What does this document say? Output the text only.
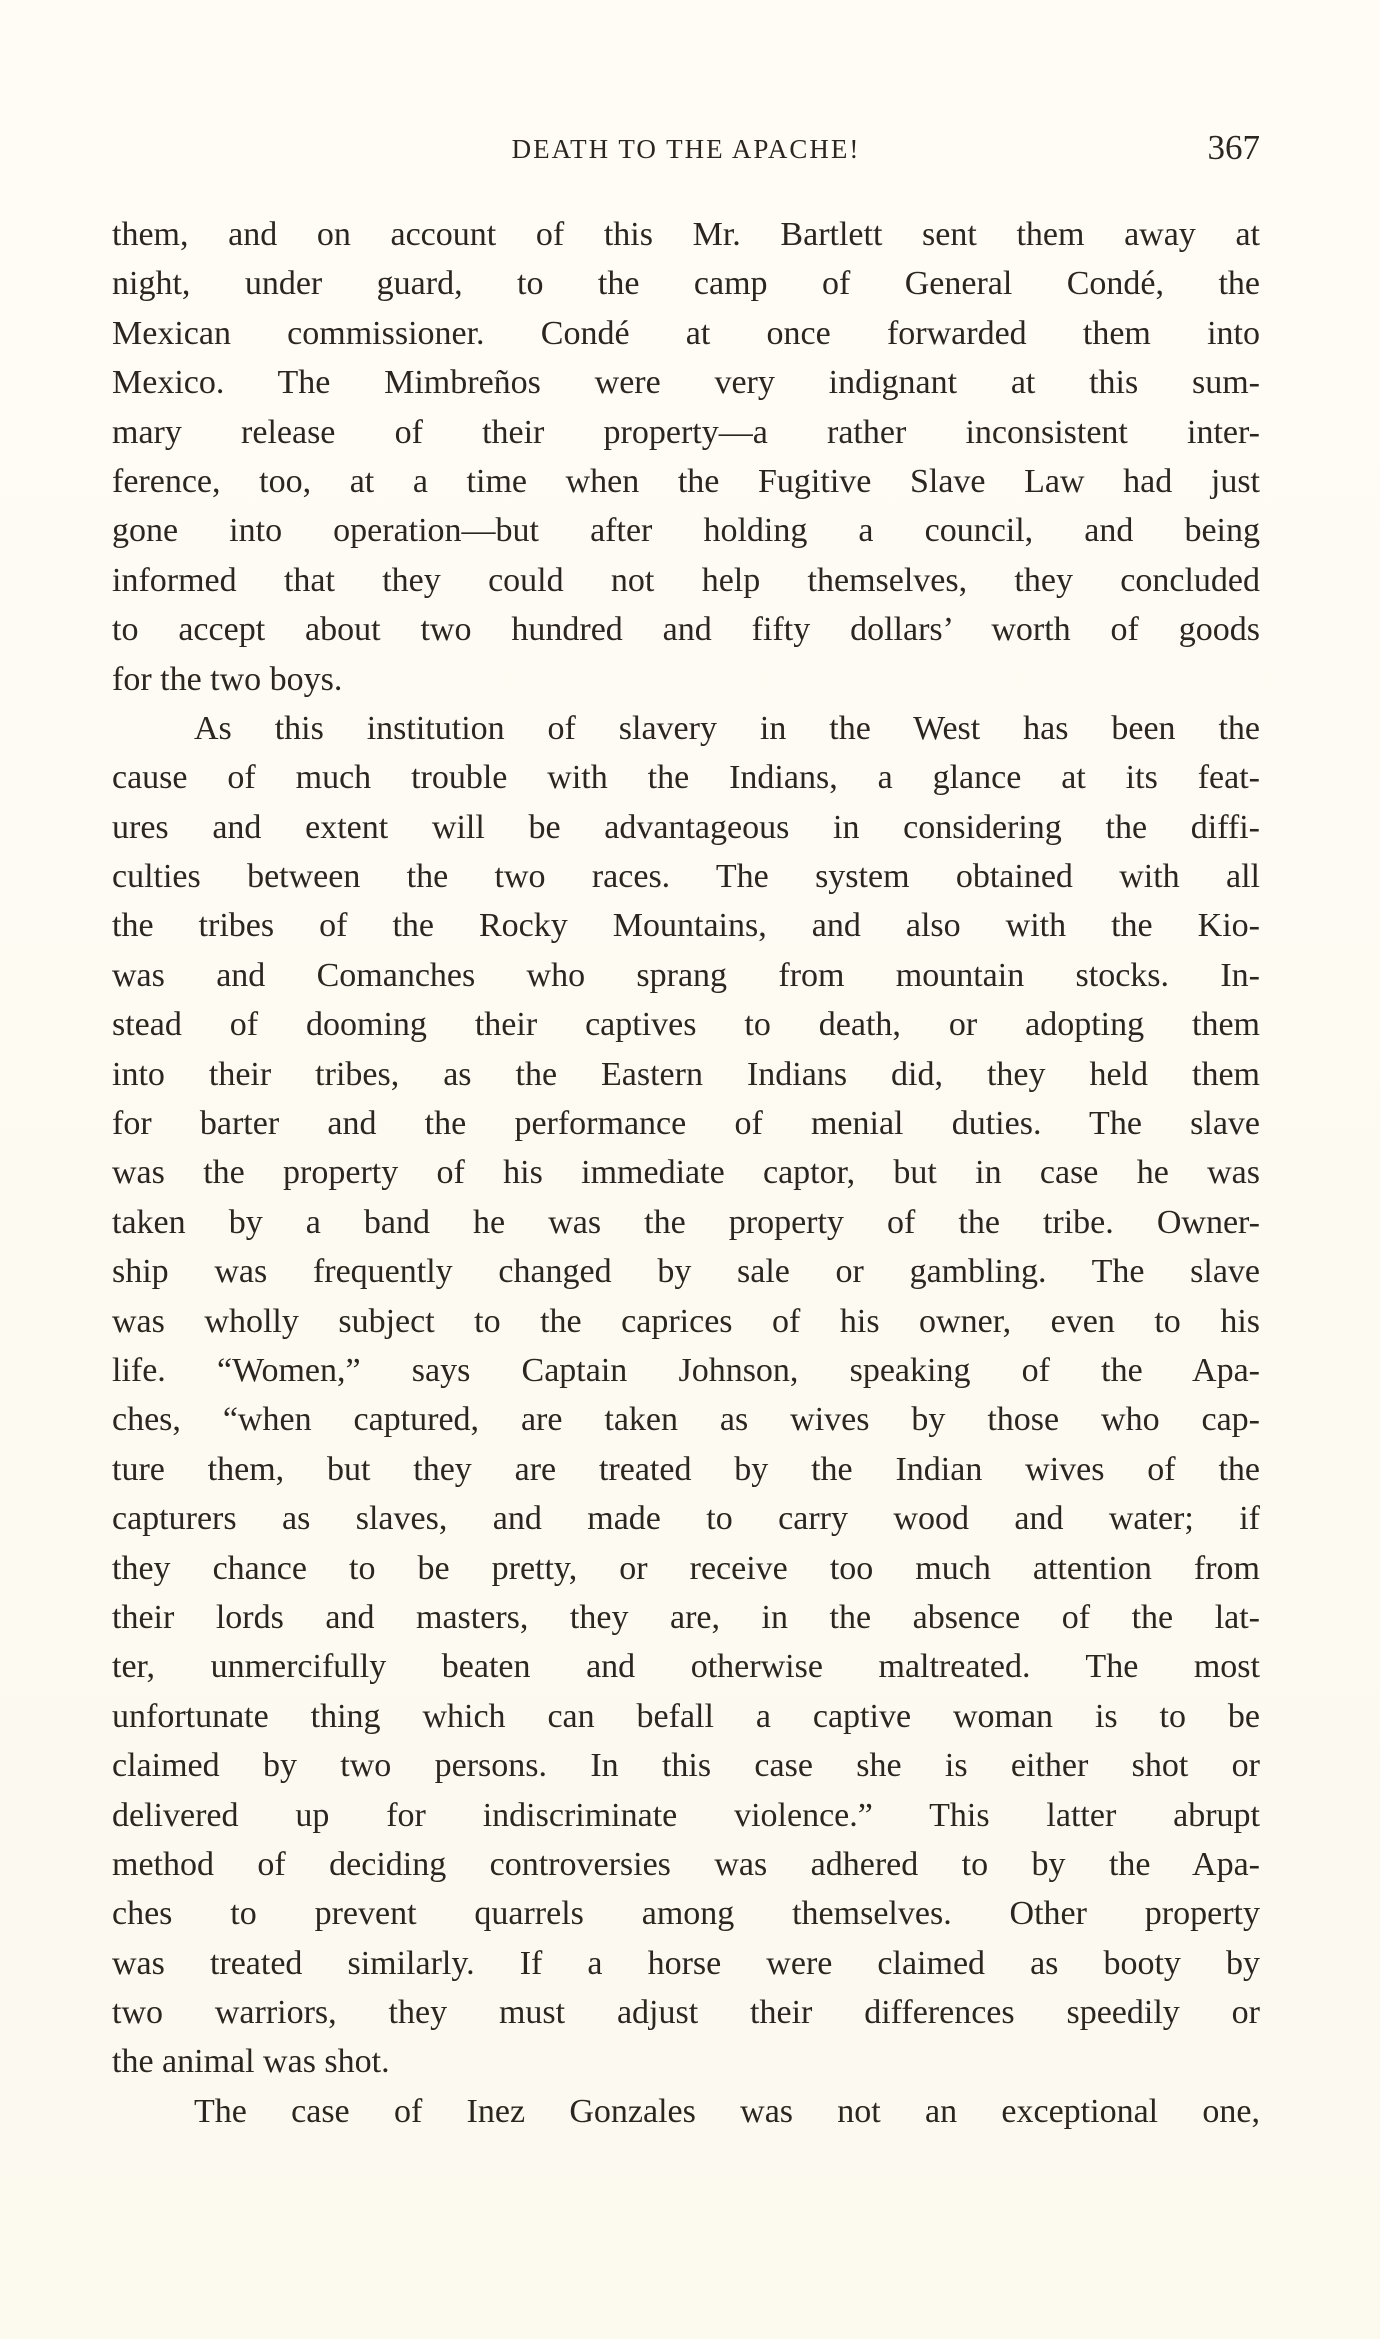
DEATH TO THE APACHE!	367
them, and on account of this Mr. Bartlett sent them away at
night, under guard, to the camp of General Condé, the
Mexican commissioner. Condé at once forwarded them into
Mexico. The Mimbreños were very indignant at this sum-
mary release of their property—a rather inconsistent inter-
ference, too, at a time when the Fugitive Slave Law had just
gone into operation—but after holding a council, and being
informed that they could not help themselves, they concluded
to accept about two hundred and fifty dollars’ worth of goods
for the two boys.
As this institution of slavery in the West has been the
cause of much trouble with the Indians, a glance at its feat-
ures and extent will be advantageous in considering the diffi-
culties between the two races. The system obtained with all
the tribes of the Rocky Mountains, and also with the Kio-
was and Comanches who sprang from mountain stocks. In-
stead of dooming their captives to death, or adopting them
into their tribes, as the Eastern Indians did, they held them
for barter and the performance of menial duties. The slave
was the property of his immediate captor, but in case he was
taken by a band he was the property of the tribe. Owner-
ship was frequently changed by sale or gambling. The slave
was wholly subject to the caprices of his owner, even to his
life. “Women,” says Captain Johnson, speaking of the Apa-
ches, “when captured, are taken as wives by those who cap-
ture them, but they are treated by the Indian wives of the
capturers as slaves, and made to carry wood and water; if
they chance to be pretty, or receive too much attention from
their lords and masters, they are, in the absence of the lat-
ter, unmercifully beaten and otherwise maltreated. The most
unfortunate thing which can befall a captive woman is to be
claimed by two persons. In this case she is either shot or
delivered up for indiscriminate violence.” This latter abrupt
method of deciding controversies was adhered to by the Apa-
ches to prevent quarrels among themselves. Other property
was treated similarly. If a horse were claimed as booty by
two warriors, they must adjust their differences speedily or
the animal was shot.
The case of Inez Gonzales was not an exceptional one,
